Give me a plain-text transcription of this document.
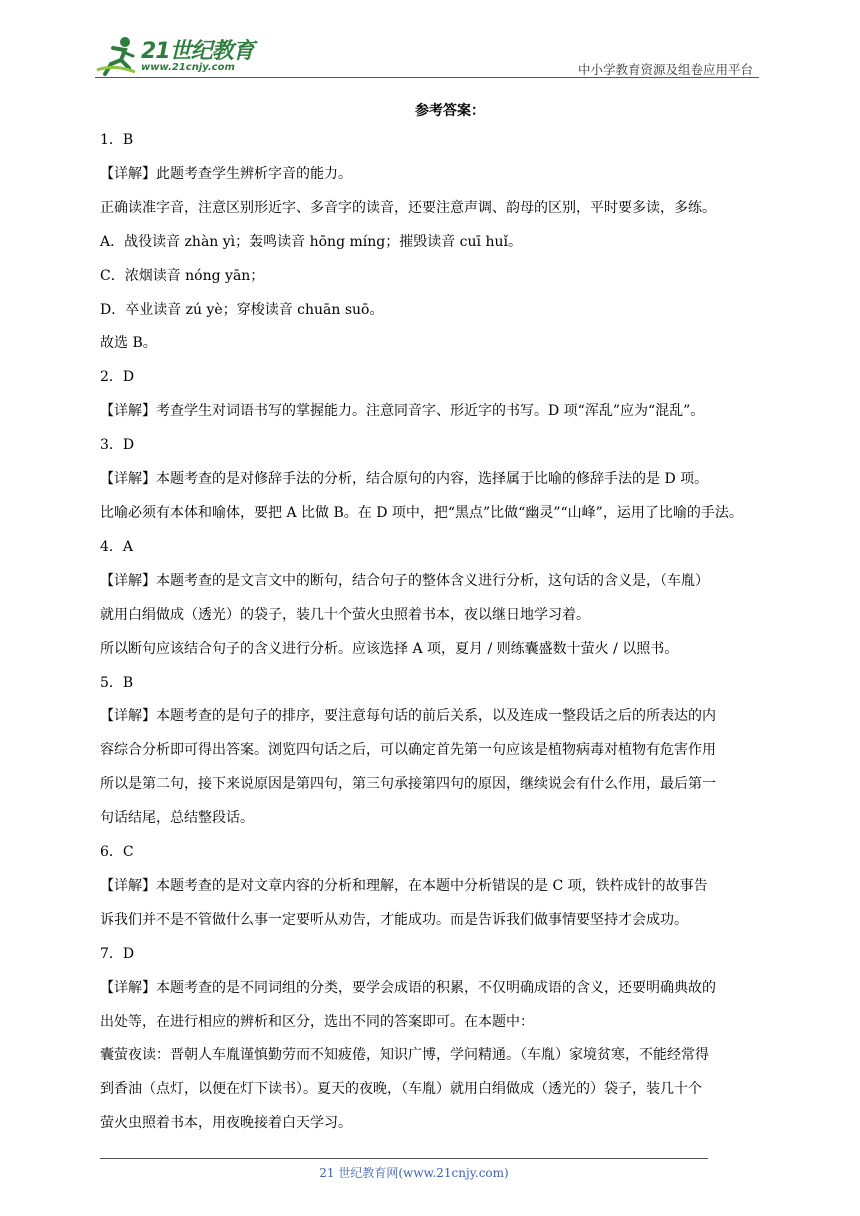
21世纪教育
www.21cnjy.com	中小学教育资源及组卷应用平台
参考答案：
1．B
【详解】此题考查学生辨析字音的能力。
正确读准字音，注意区别形近字、多音字的读音，还要注意声调、韵母的区别，平时要多读，多练。
A．战役读音 zhàn yì；轰鸣读音 hōng míng；摧毁读音 cuī huǐ。
C．浓烟读音 nóng yān；
D．卒业读音 zú yè；穿梭读音 chuān suō。
故选 B。
2．D
【详解】考查学生对词语书写的掌握能力。注意同音字、形近字的书写。D 项“浑乱”应为“混乱”。
3．D
【详解】本题考查的是对修辞手法的分析，结合原句的内容，选择属于比喻的修辞手法的是 D 项。
比喻必须有本体和喻体，要把 A 比做 B。在 D 项中，把“黑点”比做“幽灵”“山峰”，运用了比喻的手法。
4．A
【详解】本题考查的是文言文中的断句，结合句子的整体含义进行分析，这句话的含义是，（车胤）
就用白绢做成（透光）的袋子，装几十个萤火虫照着书本，夜以继日地学习着。
所以断句应该结合句子的含义进行分析。应该选择 A 项，夏月 / 则练囊盛数十萤火 / 以照书。
5．B
【详解】本题考查的是句子的排序，要注意每句话的前后关系，以及连成一整段话之后的所表达的内
容综合分析即可得出答案。浏览四句话之后，可以确定首先第一句应该是植物病毒对植物有危害作用
所以是第二句，接下来说原因是第四句，第三句承接第四句的原因，继续说会有什么作用，最后第一
句话结尾，总结整段话。
6．C
【详解】本题考查的是对文章内容的分析和理解，在本题中分析错误的是 C 项，铁杵成针的故事告
诉我们并不是不管做什么事一定要听从劝告，才能成功。而是告诉我们做事情要坚持才会成功。
7．D
【详解】本题考查的是不同词组的分类，要学会成语的积累，不仅明确成语的含义，还要明确典故的
出处等，在进行相应的辨析和区分，选出不同的答案即可。在本题中：
囊萤夜读：晋朝人车胤谨慎勤劳而不知疲倦，知识广博，学问精通。（车胤）家境贫寒，不能经常得
到香油（点灯，以便在灯下读书）。夏天的夜晚，（车胤）就用白绢做成（透光的）袋子，装几十个
萤火虫照着书本，用夜晚接着白天学习。
21 世纪教育网(www.21cnjy.com)
